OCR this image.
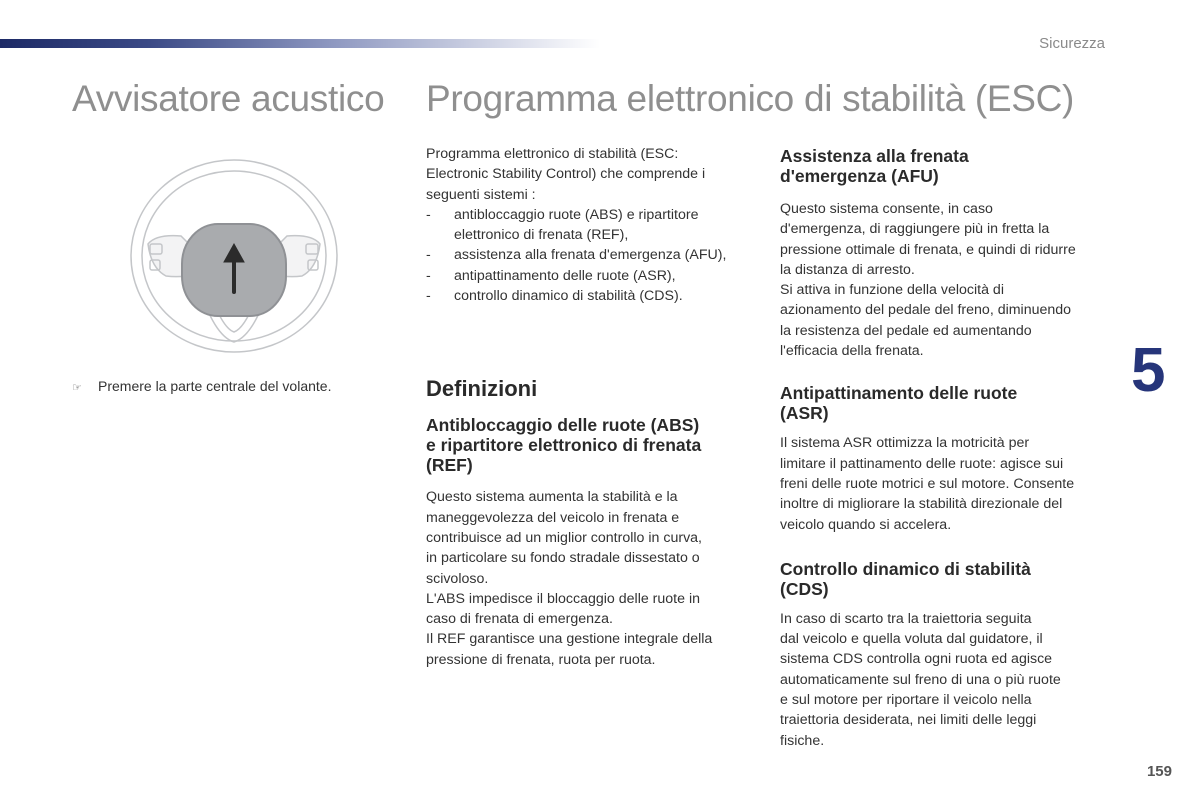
Sicurezza
Avvisatore acustico Programma elettronico di stabilità (ESC)
☞ Premere la parte centrale del volante.

Programma elettronico di stabilità (ESC:

Electronic Stability Control) che comprende i

seguenti sistemi :

- antibloccaggio ruote (ABS) e ripartitore
elettronico di frenata (REF),
- assistenza alla frenata d'emergenza (AFU),
- antipattinamento delle ruote (ASR),
- controllo dinamico di stabilità (CDS).
Definizioni
Antibloccaggio delle ruote (ABS)
e ripartitore elettronico di frenata
(REF)

Questo sistema aumenta la stabilità e la

maneggevolezza del veicolo in frenata e

contribuisce ad un miglior controllo in curva,

in particolare su fondo stradale dissestato o

scivoloso.

L'ABS impedisce il bloccaggio delle ruote in

caso di frenata di emergenza.

Il REF garantisce una gestione integrale della

pressione di frenata, ruota per ruota.

Assistenza alla frenata
d'emergenza (AFU)

Questo sistema consente, in caso

d'emergenza, di raggiungere più in fretta la

pressione ottimale di frenata, e quindi di ridurre

la distanza di arresto.

Si attiva in funzione della velocità di

azionamento del pedale del freno, diminuendo

la resistenza del pedale ed aumentando

l'efficacia della frenata.

Antipattinamento delle ruote
(ASR)

Il sistema ASR ottimizza la motricità per

limitare il pattinamento delle ruote: agisce sui

freni delle ruote motrici e sul motore. Consente

inoltre di migliorare la stabilità direzionale del

veicolo quando si accelera.

Controllo dinamico di stabilità
(CDS)

In caso di scarto tra la traiettoria seguita

dal veicolo e quella voluta dal guidatore, il

sistema CDS controlla ogni ruota ed agisce

automaticamente sul freno di una o più ruote

e sul motore per riportare il veicolo nella

traiettoria desiderata, nei limiti delle leggi

fisiche.

5
159
